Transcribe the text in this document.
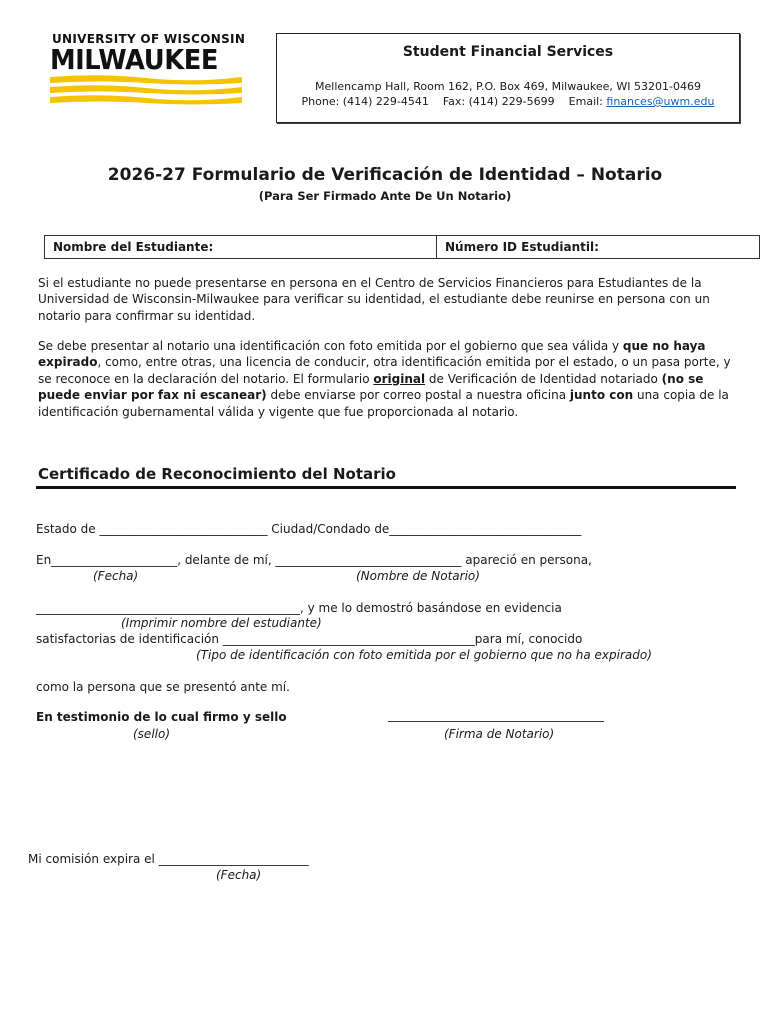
UNIVERSITY OF WISCONSIN
MILWAUKEE	Student Financial Services
Mellencamp Hall, Room 162, P.O. Box 469, Milwaukee, WI 53201-0469
Phone: (414) 229-4541 Fax: (414) 229-5699 Email: finances@uwm.edu
2026-27 Formulario de Verificación de Identidad – Notario
(Para Ser Firmado Ante De Un Notario)
Nombre del Estudiante:	Número ID Estudiantil:
Si el estudiante no puede presentarse en persona en el Centro de Servicios Financieros para Estudiantes de la Universidad de Wisconsin-Milwaukee para verificar su identidad, el estudiante debe reunirse en persona con un notario para confirmar su identidad.
Se debe presentar al notario una identificación con foto emitida por el gobierno que sea válida y que no haya expirado, como, entre otras, una licencia de conducir, otra identificación emitida por el estado, o un pasa porte, y se reconoce en la declaración del notario. El formulario original de Verificación de Identidad notariado (no se puede enviar por fax ni escanear) debe enviarse por correo postal a nuestra oficina junto con una copia de la identificación gubernamental válida y vigente que fue proporcionada al notario.
Certificado de Reconocimiento del Notario
Estado de ____________________________ Ciudad/Condado de________________________________
En_____________________, delante de mí, _______________________________ apareció en persona,
(Fecha)	(Nombre de Notario)
____________________________________________, y me lo demostró basándose en evidencia
(Imprimir nombre del estudiante)
satisfactorias de identificación __________________________________________para mí, conocido
(Tipo de identificación con foto emitida por el gobierno que no ha expirado)
como la persona que se presentó ante mí.
En testimonio de lo cual firmo y sello
(sello)
____________________________________
(Firma de Notario)
Mi comisión expira el _________________________
(Fecha)
